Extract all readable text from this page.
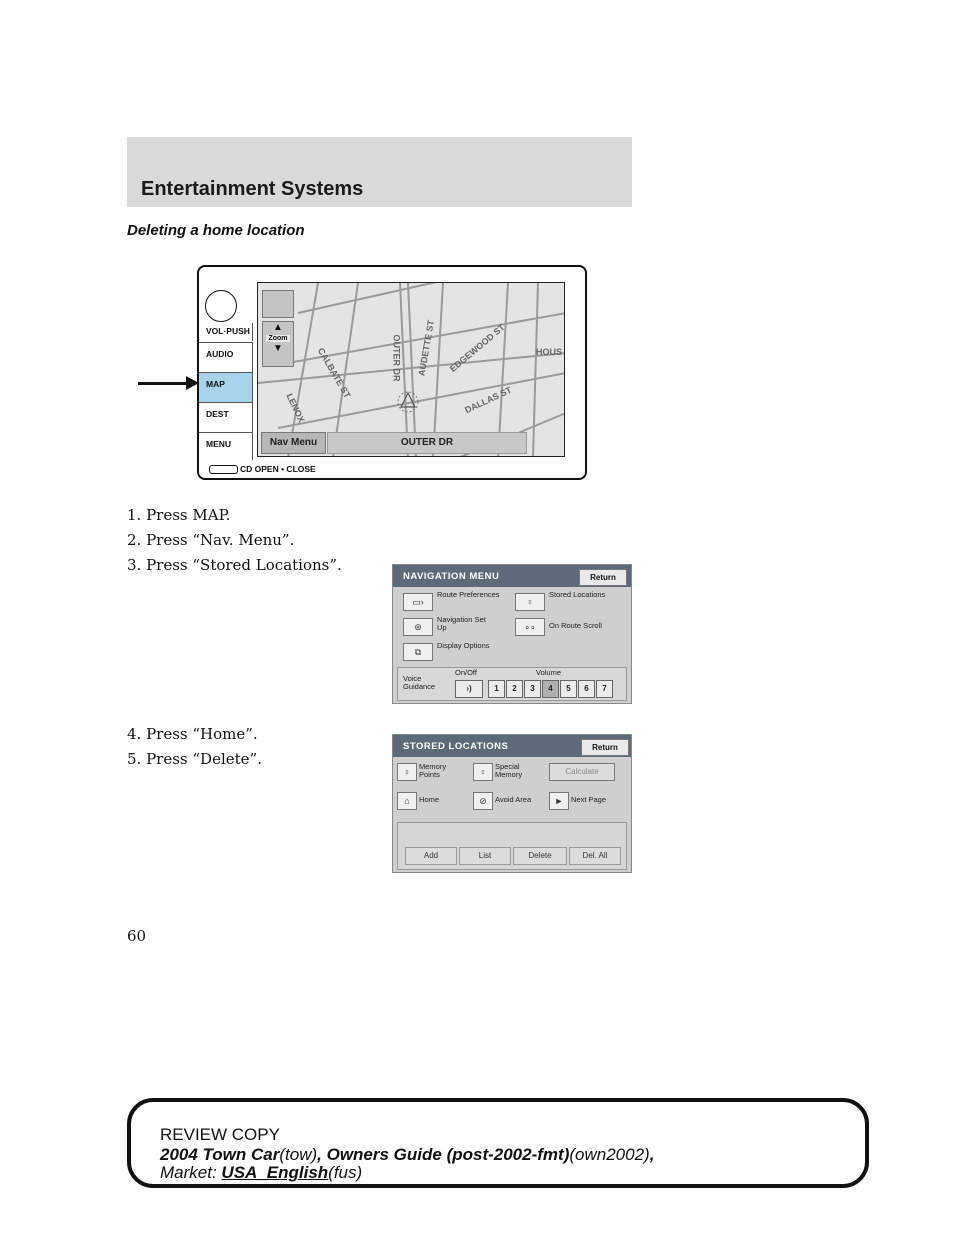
Entertainment Systems
Deleting a home location
VOL·PUSH
AUDIO
MAP
DEST
MENU
▲
Zoom
▼	OUTER DR AUDETTE ST EDGEWOOD ST
DALLAS ST
HOUS
CALBATE ST
LENOX
Nav Menu	OUTER DR
CD OPEN • CLOSE
1. Press MAP.
2. Press “Nav. Menu”.
3. Press “Stored Locations”.
NAVIGATION MENU	Return
▭›
Route Preferences
♀
Stored Locations
⊛
Navigation Set Up	∘∘	On Route Scroll
⧉
Display Options
Voice Guidance
On/Off	Volume
›)	1	2	3	4	5	6	7
4. Press “Home”.
5. Press “Delete”.
STORED LOCATIONS	Return
♀
Memory Points	♀
Special Memory	Calculate
⌂	Home	⊘	Avoid Area	►	Next Page
Add	List	Delete	Del. All
60
REVIEW COPY
2004 Town Car(tow), Owners Guide (post-2002-fmt)(own2002),
Market: USA_English(fus)
